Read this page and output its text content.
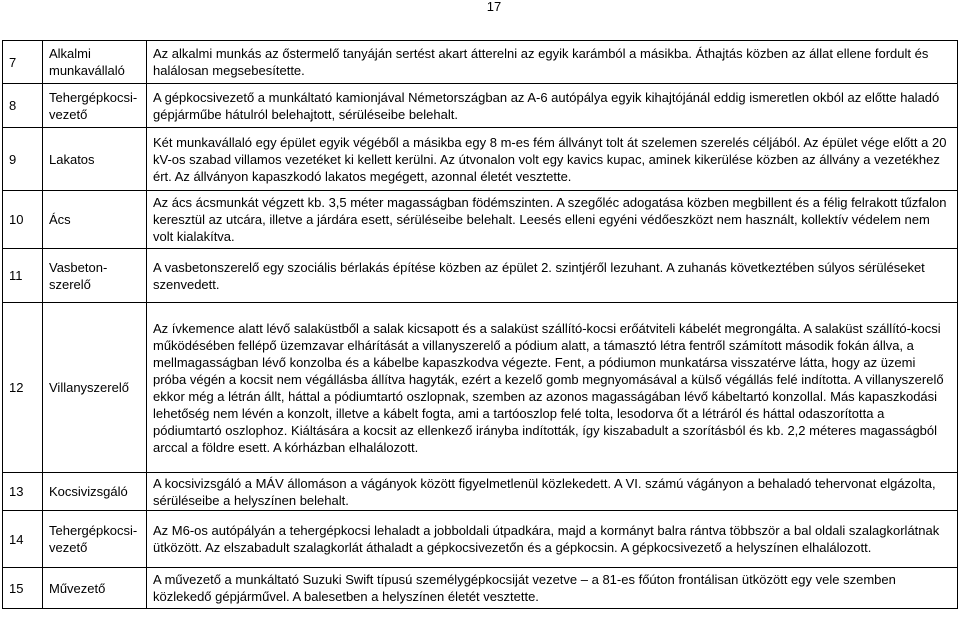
17
7	Alkalmi munkavállaló	Az alkalmi munkás az őstermelő tanyáján sertést akart átterelni az egyik karámból a másikba. Áthajtás közben az állat ellene fordult és halálosan megsebesítette.

8	Tehergépkocsi-
vezető	A gépkocsivezető a munkáltató kamionjával Németországban az A-6 autópálya egyik kihajtójánál eddig ismeretlen okból az előtte haladó gépjárműbe hátulról belehajtott, sérüléseibe belehalt.

9	Lakatos	Két munkavállaló egy épület egyik végéből a másikba egy 8 m-es fém állványt tolt át szelemen szerelés céljából. Az épület vége előtt a 20 kV-os szabad villamos vezetéket ki kellett kerülni. Az útvonalon volt egy kavics kupac, aminek kikerülése közben az állvány a vezetékhez ért. Az állványon kapaszkodó lakatos megégett, azonnal életét vesztette.

10	Ács	Az ács ácsmunkát végzett kb. 3,5 méter magasságban födémszinten. A szegőléc adogatása közben megbillent és a félig felrakott tűzfalon keresztül az utcára, illetve a járdára esett, sérüléseibe belehalt. Leesés elleni egyéni védőeszközt nem használt, kollektív védelem nem volt kialakítva.

11	Vasbeton-
szerelő	A vasbetonszerelő egy szociális bérlakás építése közben az épület 2. szintjéről lezuhant. A zuhanás következtében súlyos sérüléseket szenvedett.

12	Villanyszerelő	Az ívkemence alatt lévő salaküstből a salak kicsapott és a salaküst szállító-kocsi erőátviteli kábelét megrongálta. A salaküst szállító-kocsi működésében fellépő üzemzavar elhárítását a villanyszerelő a pódium alatt, a támasztó létra fentről számított második fokán állva, a mellmagasságban lévő konzolba és a kábelbe kapaszkodva végezte. Fent, a pódiumon munkatársa visszatérve látta, hogy az üzemi próba végén a kocsit nem végállásba állítva hagyták, ezért a kezelő gomb megnyomásával a külső végállás felé indította. A villanyszerelő ekkor még a létrán állt, háttal a pódiumtartó oszlopnak, szemben az azonos magasságában lévő kábeltartó konzollal. Más kapaszkodási lehetőség nem lévén a konzolt, illetve a kábelt fogta, ami a tartóoszlop felé tolta, lesodorva őt a létráról és háttal odaszorította a pódiumtartó oszlophoz. Kiáltására a kocsit az ellenkező irányba indították, így kiszabadult a szorításból és kb. 2,2 méteres magasságból arccal a földre esett. A kórházban elhalálozott.

13	Kocsivizsgáló	A kocsivizsgáló a MÁV állomáson a vágányok között figyelmetlenül közlekedett. A VI. számú vágányon a behaladó tehervonat elgázolta, sérüléseibe a helyszínen belehalt.

14	Tehergépkocsi-
vezető	Az M6-os autópályán a tehergépkocsi lehaladt a jobboldali útpadkára, majd a kormányt balra rántva többször a bal oldali szalagkorlátnak ütközött. Az elszabadult szalagkorlát áthaladt a gépkocsivezetőn és a gépkocsin. A gépkocsivezető a helyszínen elhalálozott.

15	Művezető	A művezető a munkáltató Suzuki Swift típusú személygépkocsiját vezetve – a 81-es főúton frontálisan ütközött egy vele szemben közlekedő gépjárművel. A balesetben a helyszínen életét vesztette.
